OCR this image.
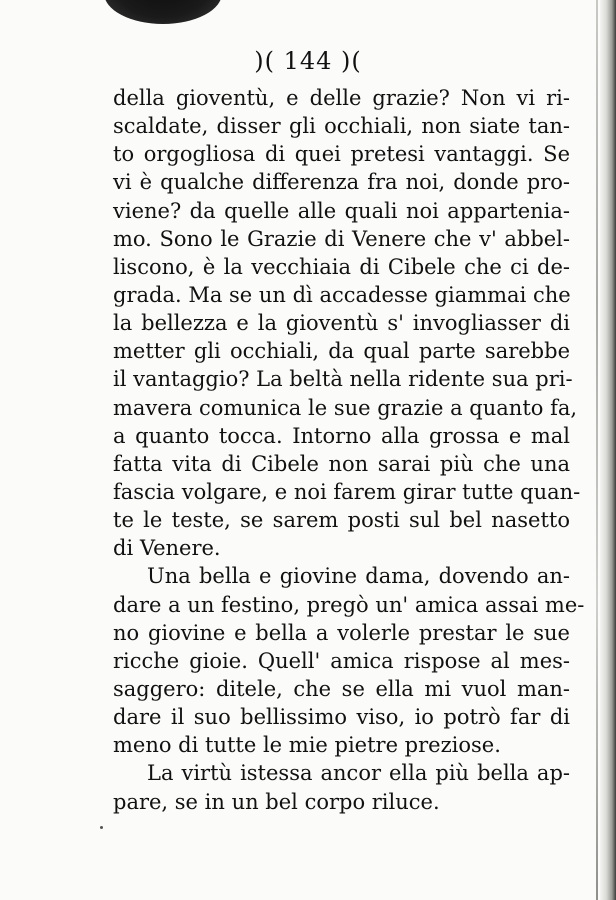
)( 144 )(
della gioventù, e delle grazie? Non vi ri-
scaldate, disser gli occhiali, non siate tan-
to orgogliosa di quei pretesi vantaggi. Se
vi è qualche differenza fra noi, donde pro-
viene? da quelle alle quali noi apparteniа-
mo. Sono le Grazie di Venere che v' abbel-
liscono, è la vecchiaia di Cibele che ci de-
grada. Ma se un dì accadesse giammai che
la bellezza e la gioventù s' invogliasser di
metter gli occhiali, da qual parte sarebbe
il vantaggio? La beltà nella ridente sua pri-
mavera comunica le sue grazie a quanto fa,
a quanto tocca. Intorno alla grossa e mal
fatta vita di Cibele non sarai più che una
fascia volgare, e noi farem girar tutte quan-
te le teste, se sarem posti sul bel nasetto
di Venere.
Una bella e giovine dama, dovendo an-
dare a un festino, pregò un' amica assai me-
no giovine e bella a volerle prestar le sue
ricche gioie. Quell' amica rispose al mes-
saggero: ditele, che se ella mi vuol man-
dare il suo bellissimo viso, io potrò far di
meno di tutte le mie pietre preziose.
La virtù istessa ancor ella più bella ap-
pare, se in un bel corpo riluce.
